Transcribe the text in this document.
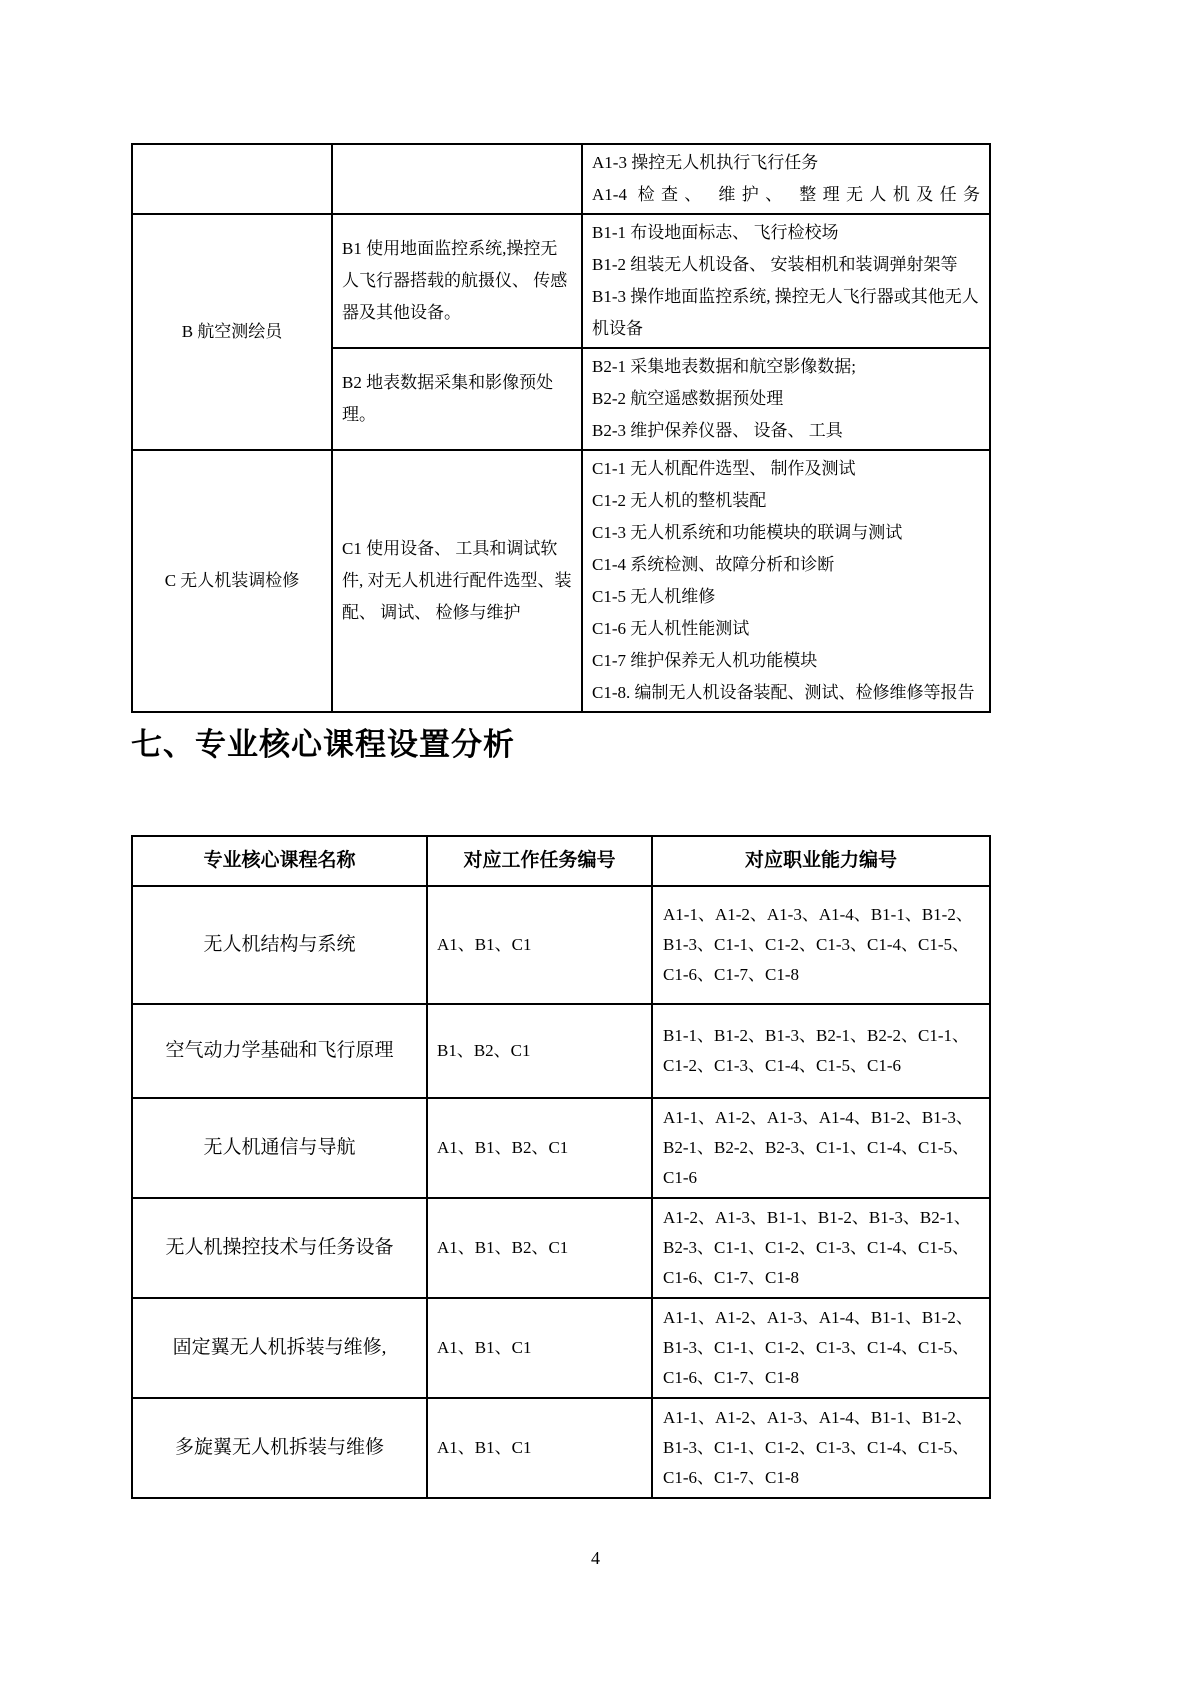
		A1-3 操控无人机执行飞行任务
A1-4 检查、 维护、 整理无人机及任务

B 航空测绘员	B1 使用地面监控系统,操控无人飞行器搭载的航摄仪、 传感器及其他设备。	B1-1 布设地面标志、 飞行检校场
B1-2 组装无人机设备、 安装相机和装调弹射架等
B1-3 操作地面监控系统, 操控无人飞行器或其他无人机设备

	B2 地表数据采集和影像预处理。	B2-1 采集地表数据和航空影像数据;
B2-2 航空遥感数据预处理
B2-3 维护保养仪器、 设备、 工具

C 无人机装调检修	C1 使用设备、 工具和调试软件, 对无人机进行配件选型、装配、 调试、 检修与维护	
C1-1 无人机配件选型、 制作及测试
C1-2 无人机的整机装配
C1-3 无人机系统和功能模块的联调与测试
C1-4 系统检测、故障分析和诊断
C1-5 无人机维修
C1-6 无人机性能测试
C1-7 维护保养无人机功能模块
C1-8. 编制无人机设备装配、测试、检修维修等报告
七、专业核心课程设置分析
专业核心课程名称	对应工作任务编号	对应职业能力编号
无人机结构与系统	A1、B1、C1	A1-1、A1-2、A1-3、A1-4、B1-1、B1-2、B1-3、C1-1、C1-2、C1-3、C1-4、C1-5、C1-6、C1-7、C1-8
空气动力学基础和飞行原理	B1、B2、C1	B1-1、B1-2、B1-3、B2-1、B2-2、C1-1、C1-2、C1-3、C1-4、C1-5、C1-6
无人机通信与导航	A1、B1、B2、C1	A1-1、A1-2、A1-3、A1-4、B1-2、B1-3、B2-1、B2-2、B2-3、C1-1、C1-4、C1-5、C1-6
无人机操控技术与任务设备	A1、B1、B2、C1	A1-2、A1-3、B1-1、B1-2、B1-3、B2-1、B2-3、C1-1、C1-2、C1-3、C1-4、C1-5、C1-6、C1-7、C1-8
固定翼无人机拆装与维修,	A1、B1、C1	A1-1、A1-2、A1-3、A1-4、B1-1、B1-2、B1-3、C1-1、C1-2、C1-3、C1-4、C1-5、C1-6、C1-7、C1-8
多旋翼无人机拆装与维修	A1、B1、C1	A1-1、A1-2、A1-3、A1-4、B1-1、B1-2、B1-3、C1-1、C1-2、C1-3、C1-4、C1-5、C1-6、C1-7、C1-8
4
